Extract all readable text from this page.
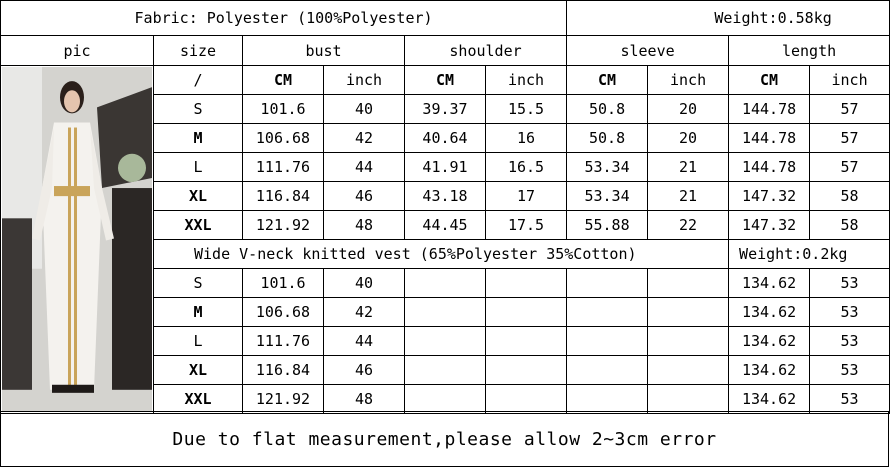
Fabric: Polyester (100%Polyester)						Weight:0.58kg			
pic	size	bust		shoulder		sleeve		length	

	/	CM	inch	CM	inch	CM	inch	CM	inch
	S	101.6	40	39.37	15.5	50.8	20	144.78	57
	M	106.68	42	40.64	16	50.8	20	144.78	57
	L	111.76	44	41.91	16.5	53.34	21	144.78	57
	XL	116.84	46	43.18	17	53.34	21	147.32	58
	XXL	121.92	48	44.45	17.5	55.88	22	147.32	58
	Wide V-neck knitted vest (65%Polyester 35%Cotton)							Weight:0.2kg	
	S	101.6	40					134.62	53
	M	106.68	42					134.62	53
	L	111.76	44					134.62	53
	XL	116.84	46					134.62	53
	XXL	121.92	48					134.62	53
Due to flat measurement,please allow 2~3cm error
